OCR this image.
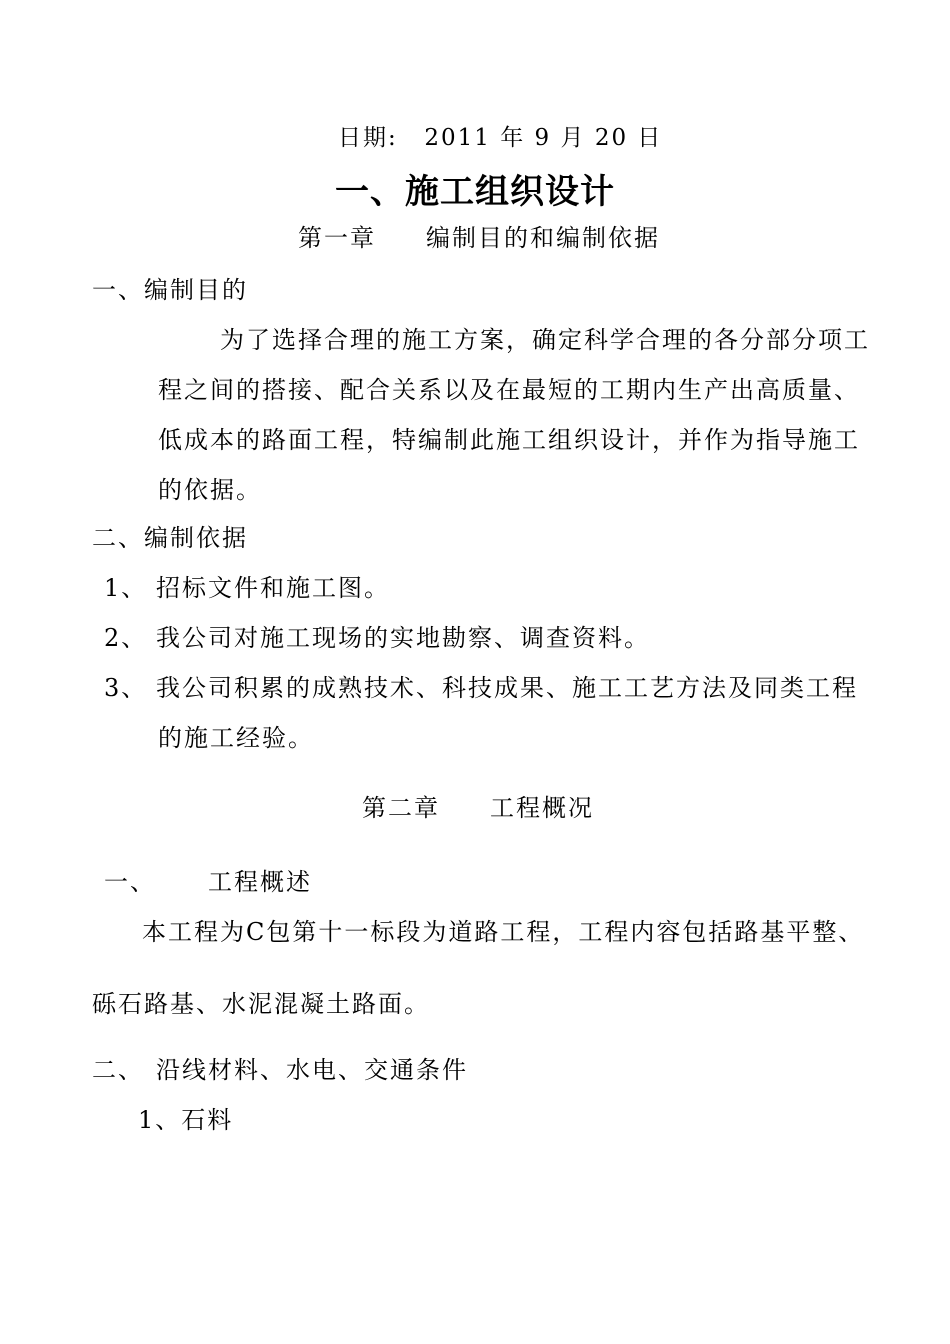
日期: 2011 年 9 月 20 日
一、施工组织设计
第一章 编制目的和编制依据
一、编制目的
为了选择合理的施工方案，确定科学合理的各分部分项工
程之间的搭接、配合关系以及在最短的工期内生产出高质量、
低成本的路面工程，特编制此施工组织设计，并作为指导施工
的依据。
二、编制依据
1、 招标文件和施工图。
2、 我公司对施工现场的实地勘察、调查资料。
3、 我公司积累的成熟技术、科技成果、施工工艺方法及同类工程
的施工经验。
第二章 工程概况
一、 工程概述
本工程为C包第十一标段为道路工程，工程内容包括路基平整、
砾石路基、水泥混凝土路面。
二、 沿线材料、水电、交通条件
1、石料
